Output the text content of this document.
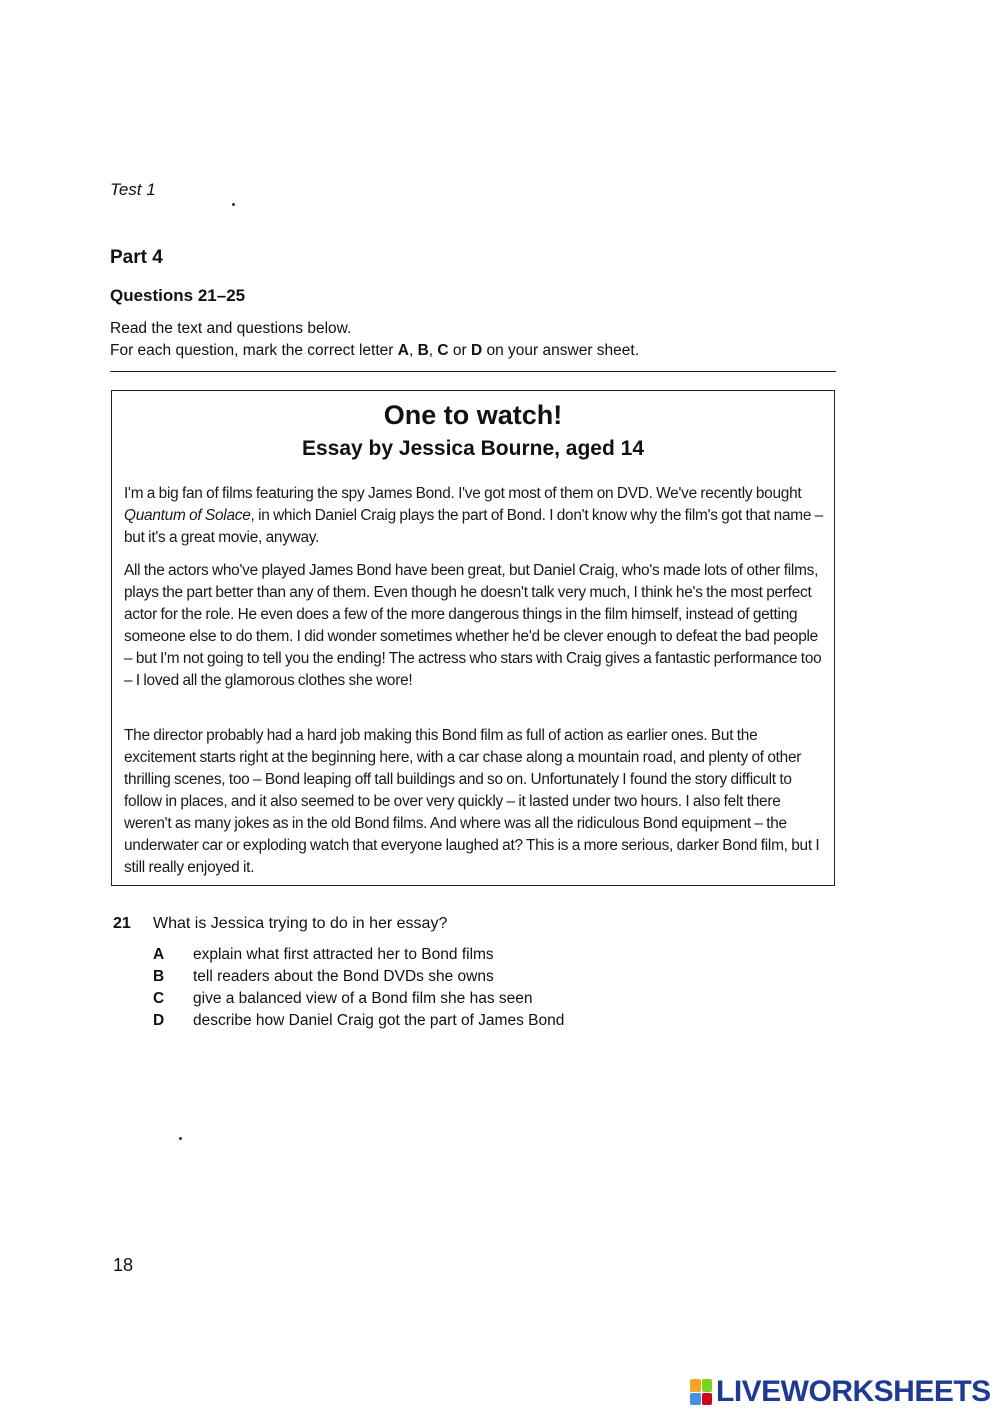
Test 1
Part 4
Questions 21–25
Read the text and questions below.
For each question, mark the correct letter A, B, C or D on your answer sheet.
One to watch!
Essay by Jessica Bourne, aged 14
I'm a big fan of films featuring the spy James Bond. I've got most of them on DVD. We've recently bought Quantum of Solace, in which Daniel Craig plays the part of Bond. I don't know why the film's got that name – but it's a great movie, anyway.
All the actors who've played James Bond have been great, but Daniel Craig, who's made lots of other films, plays the part better than any of them. Even though he doesn't talk very much, I think he's the most perfect actor for the role. He even does a few of the more dangerous things in the film himself, instead of getting someone else to do them. I did wonder sometimes whether he'd be clever enough to defeat the bad people – but I'm not going to tell you the ending! The actress who stars with Craig gives a fantastic performance too – I loved all the glamorous clothes she wore!
The director probably had a hard job making this Bond film as full of action as earlier ones. But the excitement starts right at the beginning here, with a car chase along a mountain road, and plenty of other thrilling scenes, too – Bond leaping off tall buildings and so on. Unfortunately I found the story difficult to follow in places, and it also seemed to be over very quickly – it lasted under two hours. I also felt there weren't as many jokes as in the old Bond films. And where was all the ridiculous Bond equipment – the underwater car or exploding watch that everyone laughed at? This is a more serious, darker Bond film, but I still really enjoyed it.
21 What is Jessica trying to do in her essay?
A explain what first attracted her to Bond films
B tell readers about the Bond DVDs she owns
C give a balanced view of a Bond film she has seen
D describe how Daniel Craig got the part of James Bond
18
LIVEWORKSHEETS
